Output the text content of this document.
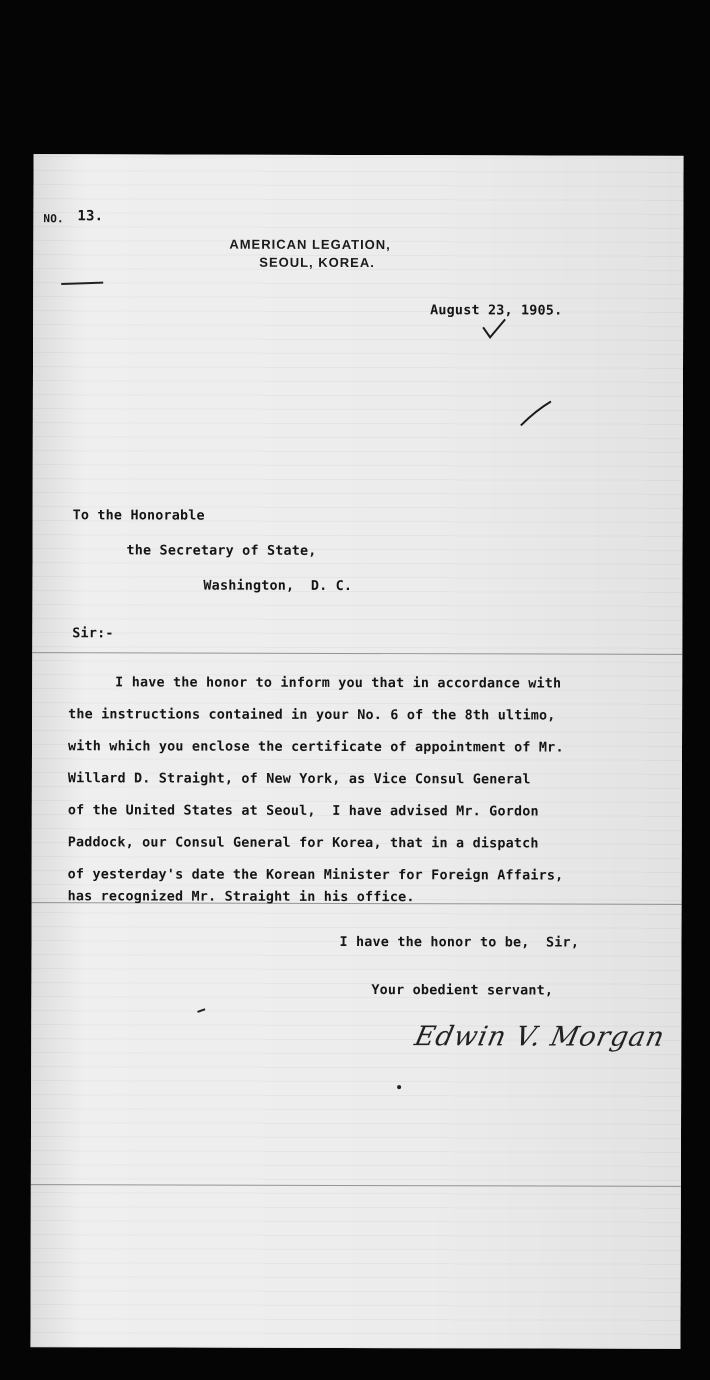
NO. 13.
AMERICAN LEGATION,
SEOUL, KOREA.
August 23, 1905.
To the Honorable
the Secretary of State,
Washington,  D. C.
Sir:-
I have the honor to inform you that in accordance with
the instructions contained in your No. 6 of the 8th ultimo,
with which you enclose the certificate of appointment of Mr.
Willard D. Straight, of New York, as Vice Consul General
of the United States at Seoul,  I have advised Mr. Gordon
Paddock, our Consul General for Korea, that in a dispatch
of yesterday's date the Korean Minister for Foreign Affairs,
has recognized Mr. Straight in his office.
I have the honor to be,  Sir,
Your obedient servant,
Edwin V. Morgan
